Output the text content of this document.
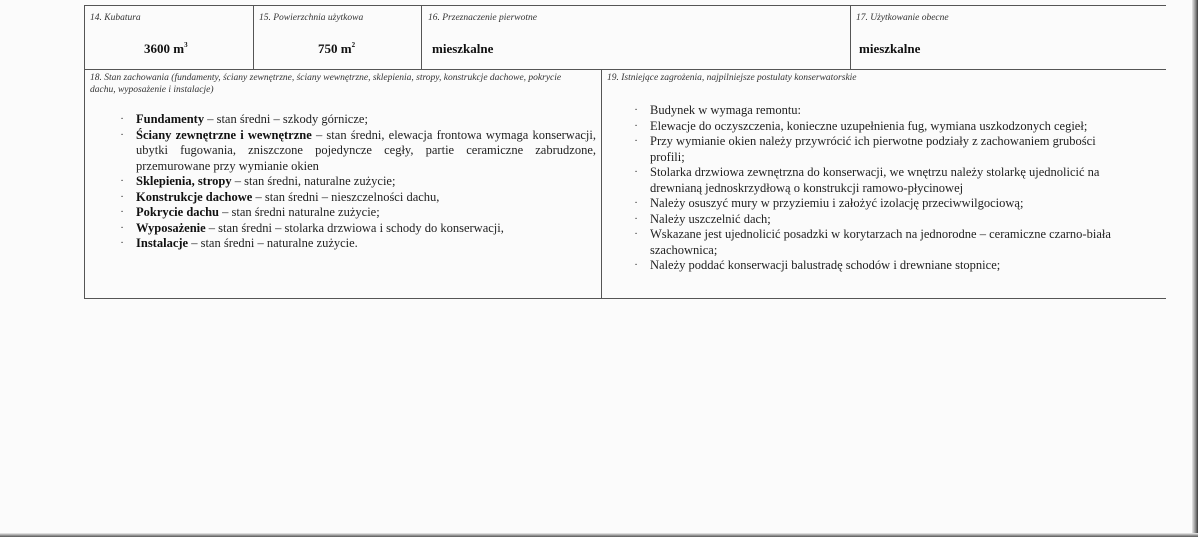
14. Kubatura
3600 $m^3$
15. Powierzchnia użytkowa
750 $m^2$
16. Przeznaczenie pierwotne
mieszkalne
17. Użytkowanie obecne
mieszkalne
18. Stan zachowania (fundamenty, ściany zewnętrzne, ściany wewnętrzne, sklepienia, stropy, konstrukcje dachowe, pokrycie dachu, wyposażenie i instalacje)
· Fundamenty – stan średni – szkody górnicze;
· Ściany zewnętrzne i wewnętrzne – stan średni, elewacja frontowa wymaga konserwacji, ubytki fugowania, zniszczone pojedyncze cegły, partie ceramiczne zabrudzone, przemurowane przy wymianie okien
· Sklepienia, stropy – stan średni, naturalne zużycie;
· Konstrukcje dachowe – stan średni – nieszczelności dachu,
· Pokrycie dachu – stan średni naturalne zużycie;
· Wyposażenie – stan średni – stolarka drzwiowa i schody do konserwacji,
· Instalacje – stan średni – naturalne zużycie.
19. Istniejące zagrożenia, najpilniejsze postulaty konserwatorskie
· Budynek w wymaga remontu:
· Elewacje do oczyszczenia, konieczne uzupełnienia fug, wymiana uszkodzonych cegieł;
· Przy wymianie okien należy przywrócić ich pierwotne podziały z zachowaniem grubości profili;
· Stolarka drzwiowa zewnętrzna do konserwacji, we wnętrzu należy stolarkę ujednolicić na drewnianą jednoskrzydłową o konstrukcji ramowo-płycinowej
· Należy osuszyć mury w przyziemiu i założyć izolację przeciwwilgociową;
· Należy uszczelnić dach;
· Wskazane jest ujednolicić posadzki w korytarzach na jednorodne – ceramiczne czarno-biała szachownica;
· Należy poddać konserwacji balustradę schodów i drewniane stopnice;
